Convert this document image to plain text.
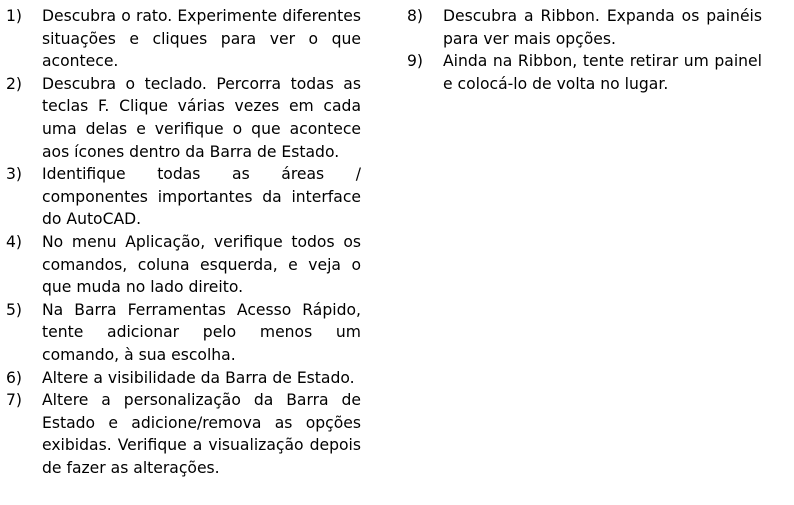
1)	Descubra o rato. Experimente diferentes situações e cliques para ver o que acontece.
2)	Descubra o teclado. Percorra todas as teclas F. Clique várias vezes em cada uma delas e verifique o que acontece aos ícones dentro da Barra de Estado.
3)	Identifique todas as áreas / componentes importantes da interface do AutoCAD.
4)	No menu Aplicação, verifique todos os comandos, coluna esquerda, e veja o que muda no lado direito.
5)	Na Barra Ferramentas Acesso Rápido, tente adicionar pelo menos um comando, à sua escolha.
6)	Altere a visibilidade da Barra de Estado.
7)	Altere a personalização da Barra de Estado e adicione/remova as opções exibidas. Verifique a visualização depois de fazer as alterações.
8)	Descubra a Ribbon. Expanda os painéis para ver mais opções.
9)	Ainda na Ribbon, tente retirar um painel e colocá-lo de volta no lugar.
